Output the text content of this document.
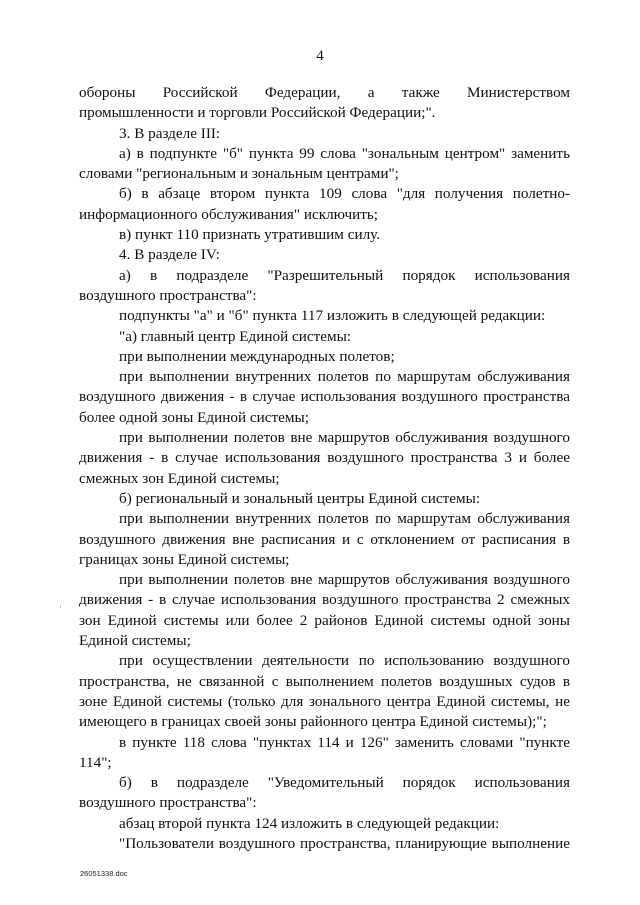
4

обороны Российской Федерации, а также Министерством промышленности и торговли Российской Федерации;".

3. В разделе III:

а) в подпункте "б" пункта 99 слова "зональным центром" заменить словами "региональным и зональным центрами";

б) в абзаце втором пункта 109 слова "для получения полетно-информационного обслуживания" исключить;

в) пункт 110 признать утратившим силу.

4. В разделе IV:

а) в подразделе "Разрешительный порядок использования воздушного пространства":

подпункты "а" и "б" пункта 117 изложить в следующей редакции:

"а) главный центр Единой системы:

при выполнении международных полетов;

при выполнении внутренних полетов по маршрутам обслуживания воздушного движения - в случае использования воздушного пространства более одной зоны Единой системы;

при выполнении полетов вне маршрутов обслуживания воздушного движения - в случае использования воздушного пространства 3 и более смежных зон Единой системы;

б) региональный и зональный центры Единой системы:

при выполнении внутренних полетов по маршрутам обслуживания воздушного движения вне расписания и с отклонением от расписания в границах зоны Единой системы;

при выполнении полетов вне маршрутов обслуживания воздушного движения - в случае использования воздушного пространства 2 смежных зон Единой системы или более 2 районов Единой системы одной зоны Единой системы;

при осуществлении деятельности по использованию воздушного пространства, не связанной с выполнением полетов воздушных судов в зоне Единой системы (только для зонального центра Единой системы, не имеющего в границах своей зоны районного центра Единой системы);";

в пункте 118 слова "пунктах 114 и 126" заменить словами "пункте 114";

б) в подразделе "Уведомительный порядок использования воздушного пространства":

абзац второй пункта 124 изложить в следующей редакции:

"Пользователи воздушного пространства, планирующие выполнение

26051338.doc
